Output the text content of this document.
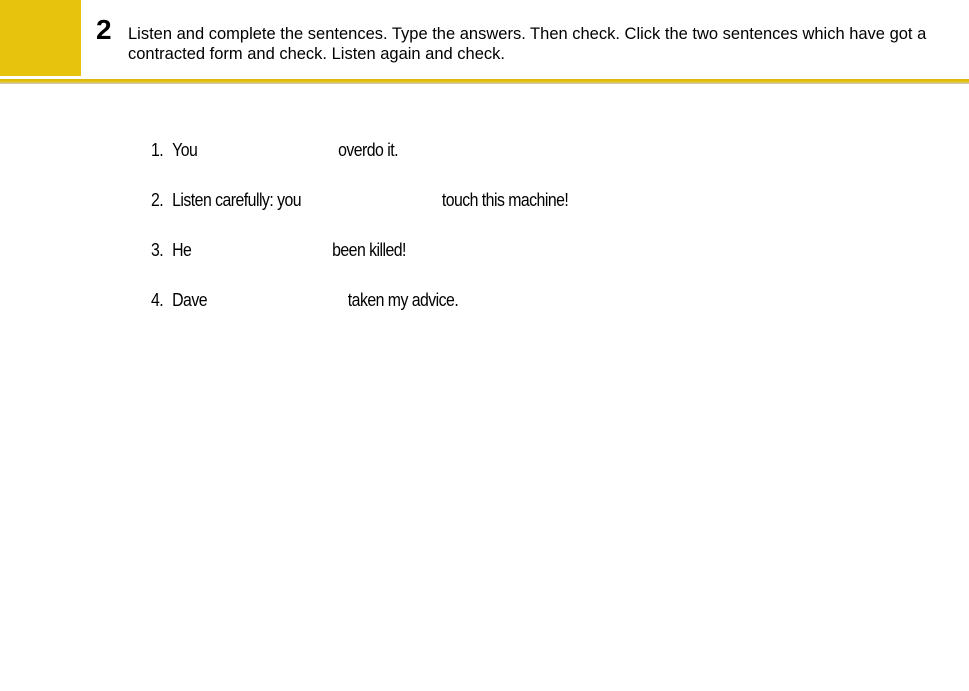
2 Listen and complete the sentences. Type the answers. Then check. Click the two sentences which have got a contracted form and check. Listen again and check.
1. You	overdo it.
2. Listen carefully: you	touch this machine!
3. He	been killed!
4. Dave	taken my advice.
